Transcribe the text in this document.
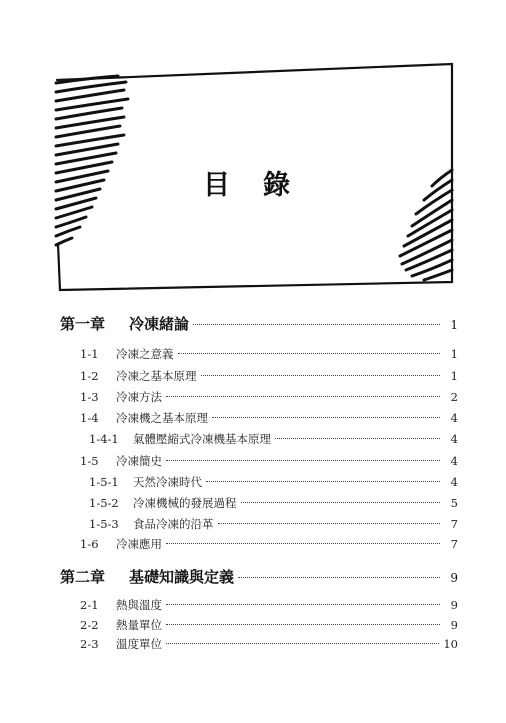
目 錄
第一章	冷凍緒論	1
1-1	冷凍之意義	1
1-2	冷凍之基本原理	1
1-3	冷凍方法	2
1-4	冷凍機之基本原理	4
1-4-1	氣體壓縮式冷凍機基本原理	4
1-5	冷凍簡史	4
1-5-1	天然冷凍時代	4
1-5-2	冷凍機械的發展過程	5
1-5-3	食品冷凍的沿革	7
1-6	冷凍應用	7
第二章	基礎知識與定義	9
2-1	熱與溫度	9
2-2	熱量單位	9
2-3	溫度單位	10
